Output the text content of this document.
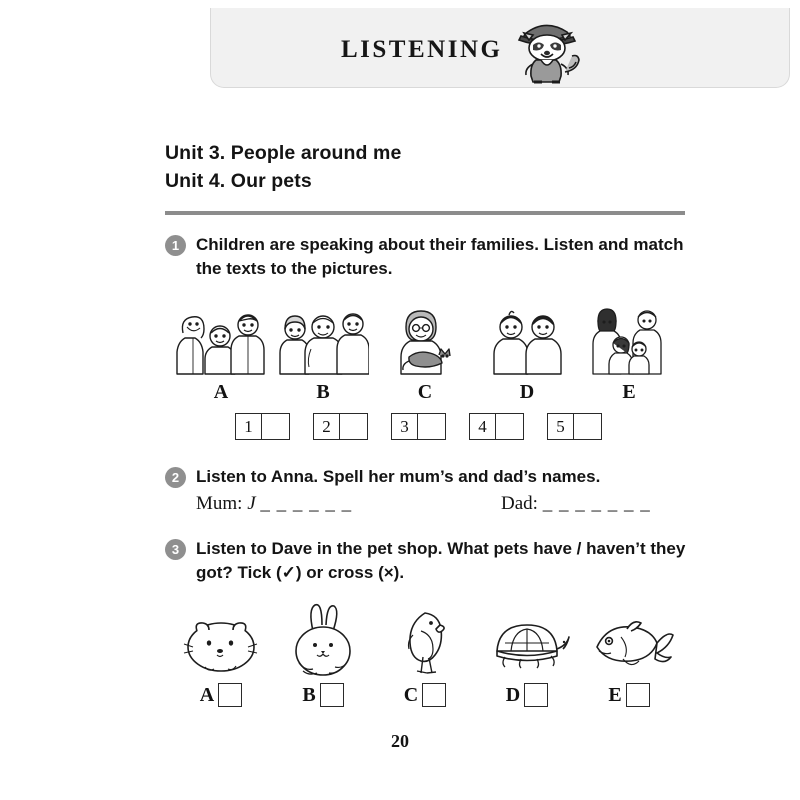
LISTENING
Unit 3. People around me
Unit 4. Our pets
1 Children are speaking about their families. Listen and match the texts to the pictures.
A	B	C	D	E
1	2	3	4	5
2 Listen to Anna. Spell her mum’s and dad’s names.
Mum: J _ _ _ _ _ _	Dad: _ _ _ _ _ _ _
3 Listen to Dave in the pet shop. What pets have / haven’t they got? Tick (✓) or cross (×).
A	B	C	D	E
20
